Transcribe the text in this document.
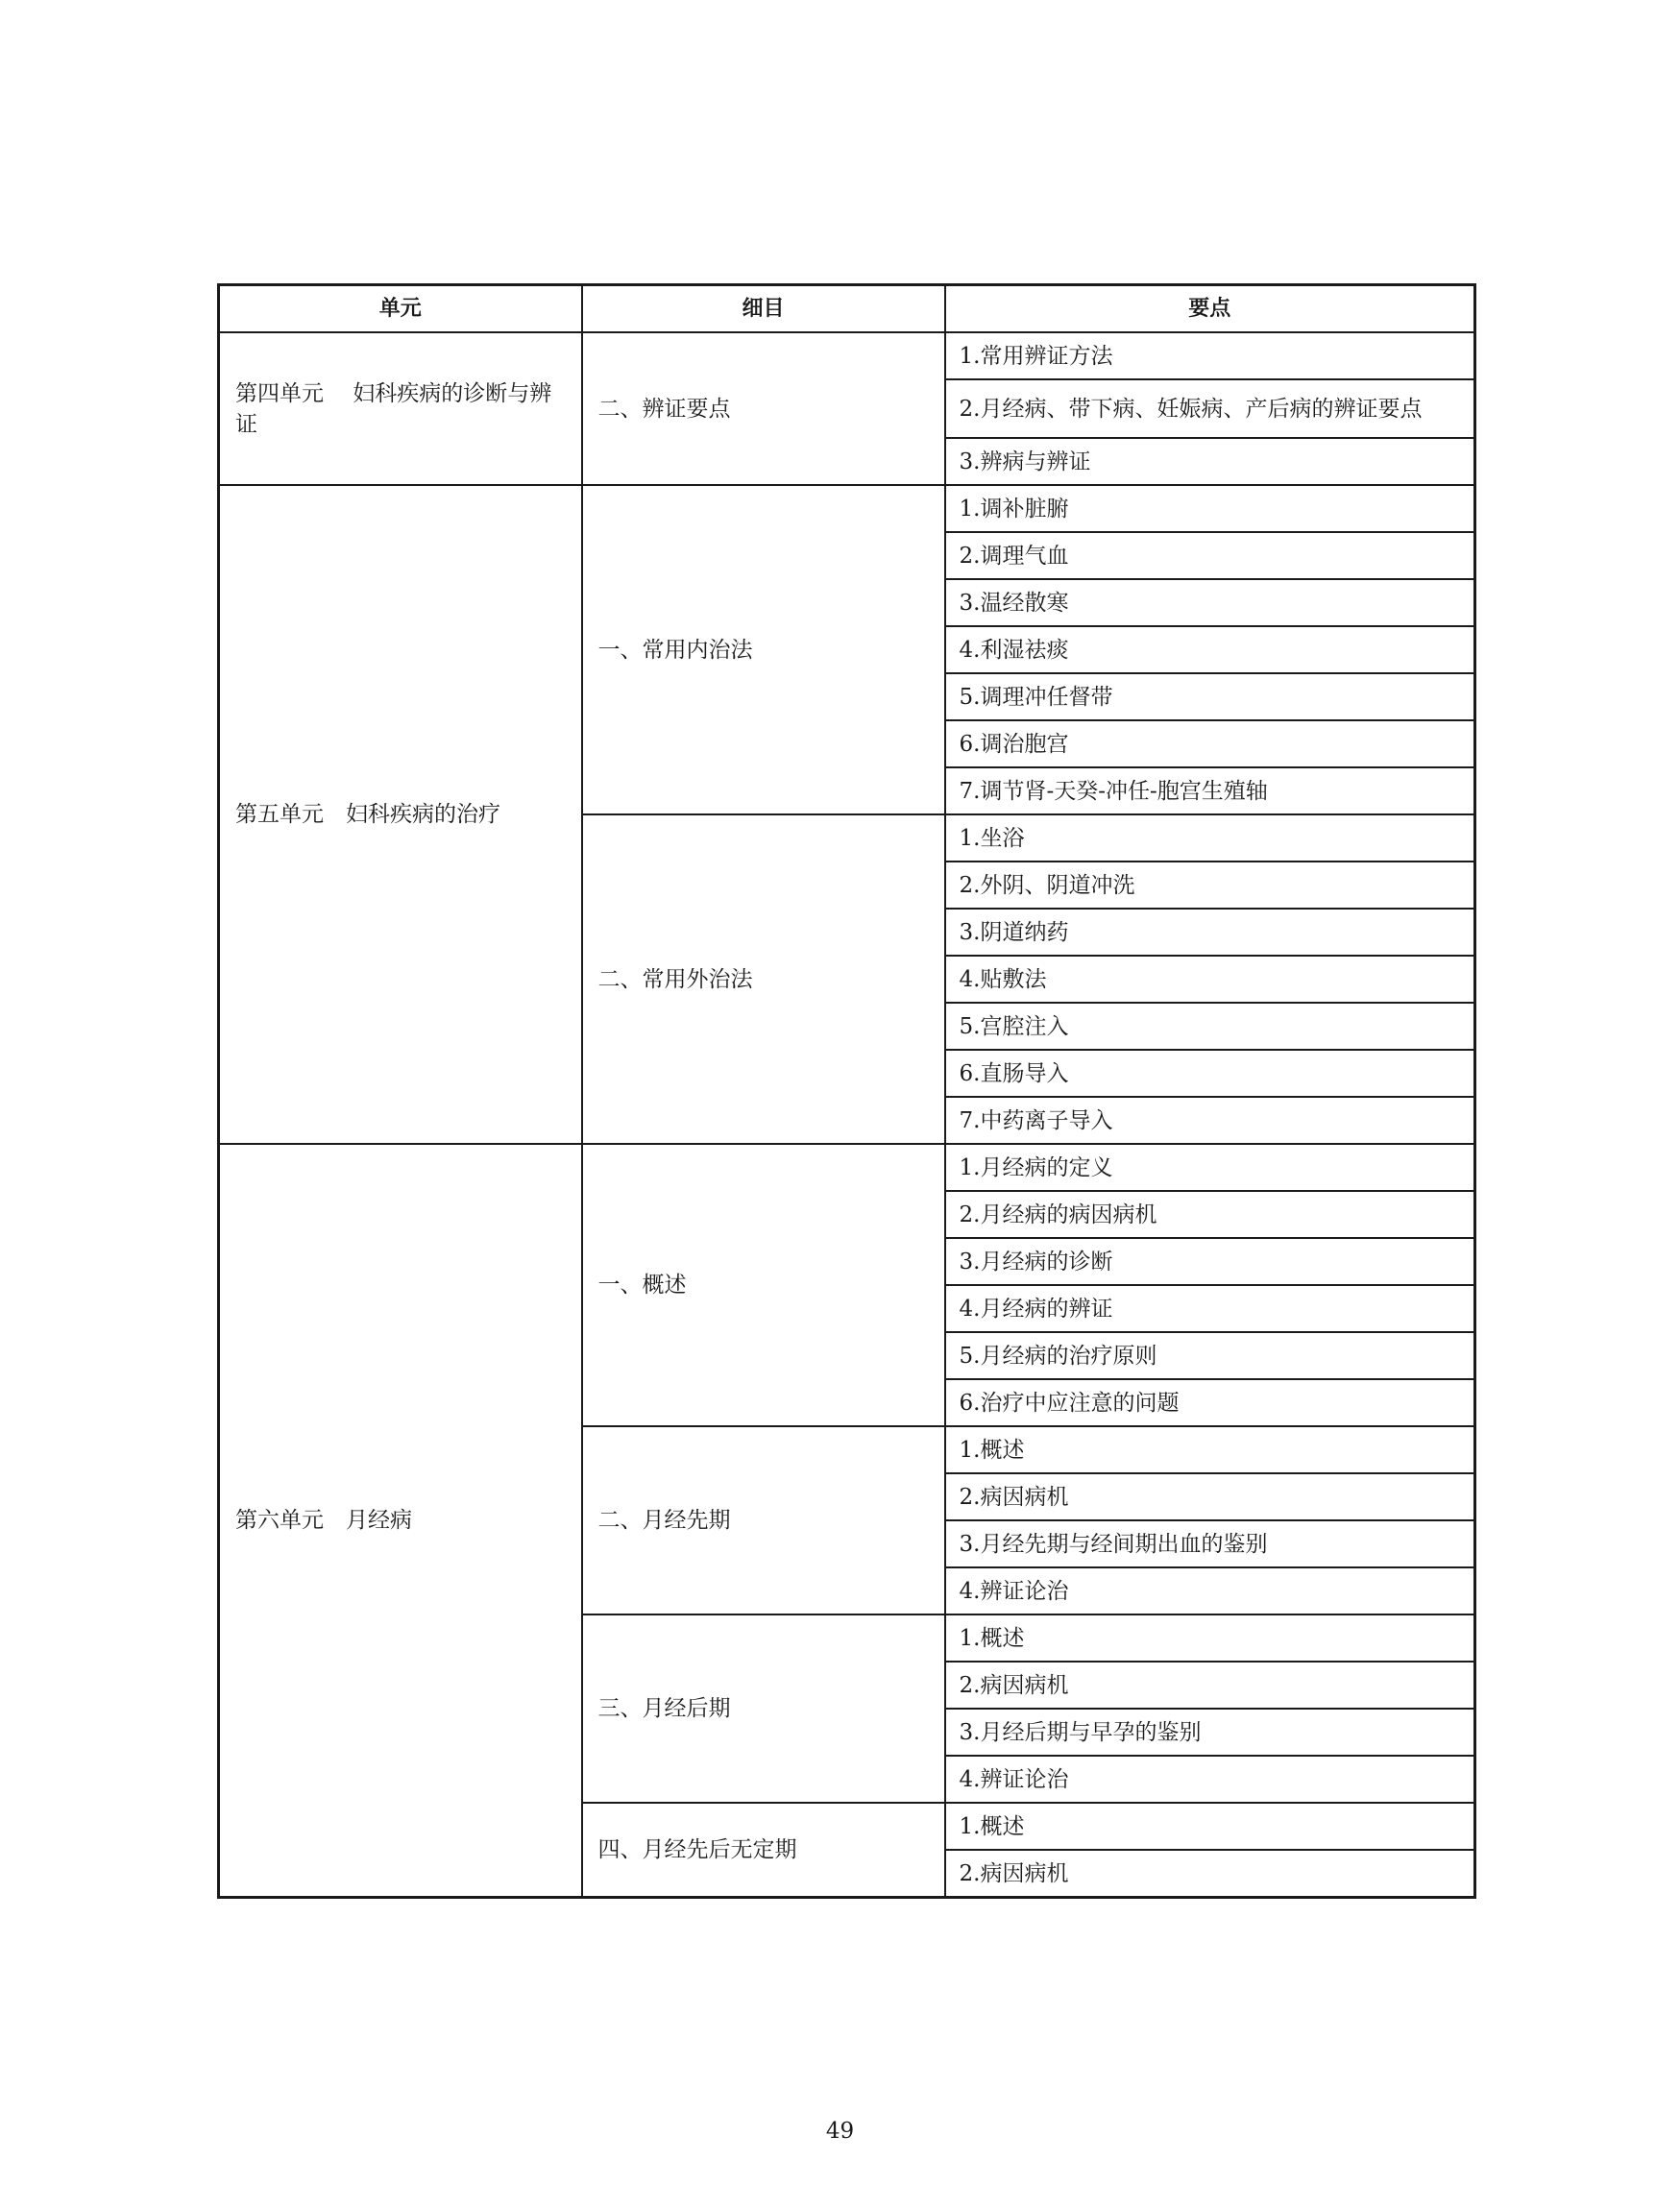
单元	细目	要点
第四单元　 妇科疾病的诊断与辨证	二、辨证要点	1.常用辨证方法
		2.月经病、带下病、妊娠病、产后病的辨证要点
		3.辨病与辨证
第五单元　妇科疾病的治疗	一、常用内治法	1.调补脏腑
		2.调理气血
		3.温经散寒
		4.利湿祛痰
		5.调理冲任督带
		6.调治胞宫
		7.调节肾-天癸-冲任-胞宫生殖轴
	二、常用外治法	1.坐浴
		2.外阴、阴道冲洗
		3.阴道纳药
		4.贴敷法
		5.宫腔注入
		6.直肠导入
		7.中药离子导入
第六单元　月经病	一、概述	1.月经病的定义
		2.月经病的病因病机
		3.月经病的诊断
		4.月经病的辨证
		5.月经病的治疗原则
		6.治疗中应注意的问题
	二、月经先期	1.概述
		2.病因病机
		3.月经先期与经间期出血的鉴别
		4.辨证论治
	三、月经后期	1.概述
		2.病因病机
		3.月经后期与早孕的鉴别
		4.辨证论治
	四、月经先后无定期	1.概述
		2.病因病机
49
